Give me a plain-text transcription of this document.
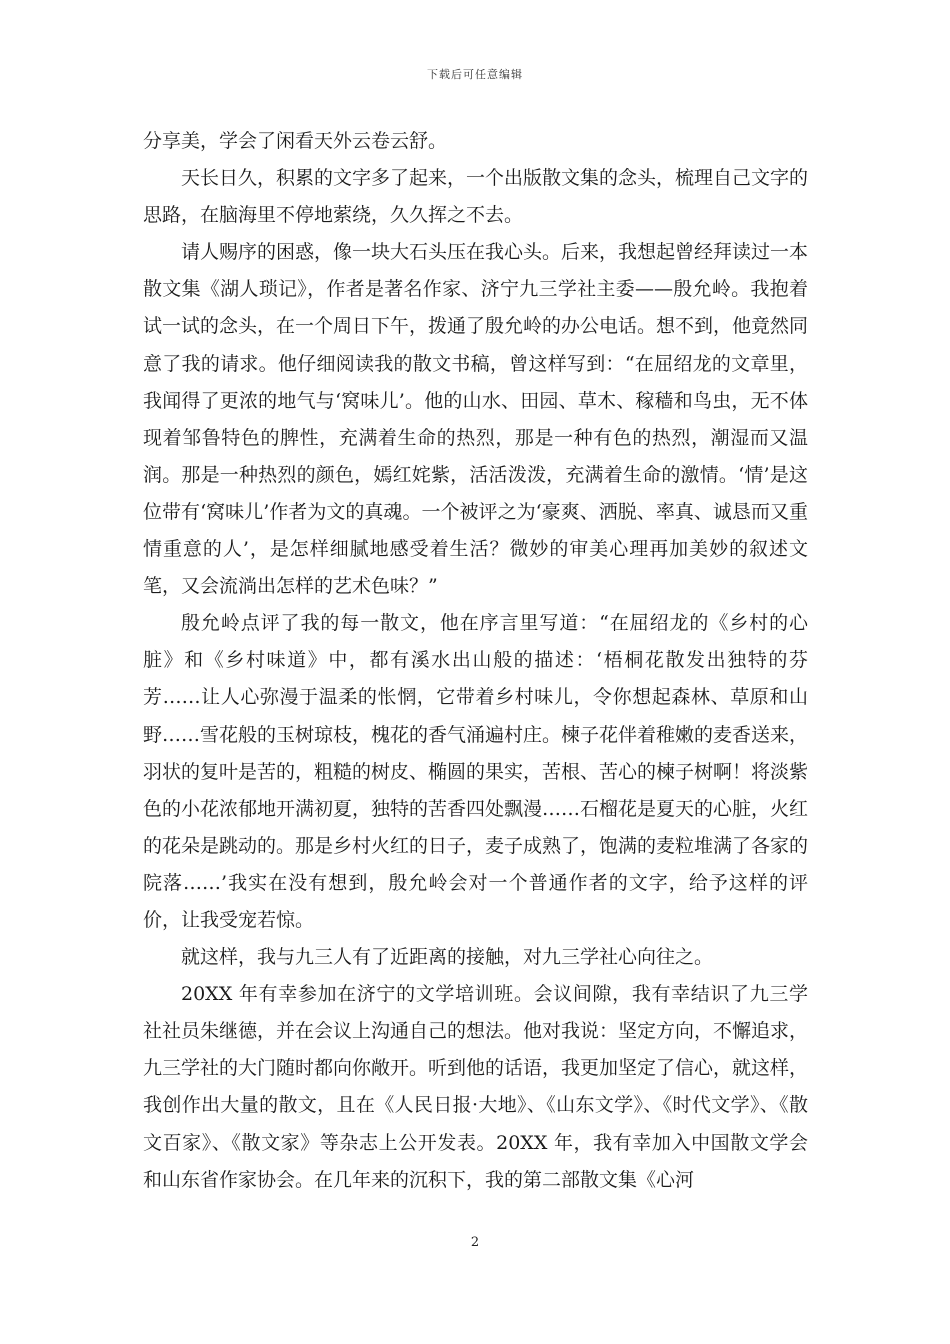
下载后可任意编辑

分享美，学会了闲看天外云卷云舒。

天长日久，积累的文字多了起来，一个出版散文集的念头，梳理自己文字的思路，在脑海里不停地萦绕，久久挥之不去。

请人赐序的困惑，像一块大石头压在我心头。后来，我想起曾经拜读过一本散文集《湖人琐记》，作者是著名作家、济宁九三学社主委——殷允岭。我抱着试一试的念头，在一个周日下午，拨通了殷允岭的办公电话。想不到，他竟然同意了我的请求。他仔细阅读我的散文书稿，曾这样写到：“在屈绍龙的文章里，我闻得了更浓的地气与‘窝味儿’。他的山水、田园、草木、稼穑和鸟虫，无不体现着邹鲁特色的脾性，充满着生命的热烈，那是一种有色的热烈，潮湿而又温润。那是一种热烈的颜色，嫣红姹紫，活活泼泼，充满着生命的激情。‘情’是这位带有‘窝味儿’作者为文的真魂。一个被评之为‘豪爽、洒脱、率真、诚恳而又重情重意的人’，是怎样细腻地感受着生活？微妙的审美心理再加美妙的叙述文笔，又会流淌出怎样的艺术色味？”

殷允岭点评了我的每一散文，他在序言里写道：“在屈绍龙的《乡村的心脏》和《乡村味道》中，都有溪水出山般的描述：‘梧桐花散发出独特的芬芳……让人心弥漫于温柔的怅惘，它带着乡村味儿，令你想起森林、草原和山野……雪花般的玉树琼枝，槐花的香气涌遍村庄。楝子花伴着稚嫩的麦香送来，羽状的复叶是苦的，粗糙的树皮、椭圆的果实，苦根、苦心的楝子树啊！将淡紫色的小花浓郁地开满初夏，独特的苦香四处飘漫……石榴花是夏天的心脏，火红的花朵是跳动的。那是乡村火红的日子，麦子成熟了，饱满的麦粒堆满了各家的院落……’我实在没有想到，殷允岭会对一个普通作者的文字，给予这样的评价，让我受宠若惊。

就这样，我与九三人有了近距离的接触，对九三学社心向往之。

20XX 年有幸参加在济宁的文学培训班。会议间隙，我有幸结识了九三学社社员朱继德，并在会议上沟通自己的想法。他对我说：坚定方向，不懈追求，九三学社的大门随时都向你敞开。听到他的话语，我更加坚定了信心，就这样，我创作出大量的散文，且在《人民日报·大地》、《山东文学》、《时代文学》、《散文百家》、《散文家》等杂志上公开发表。20XX 年，我有幸加入中国散文学会和山东省作家协会。在几年来的沉积下，我的第二部散文集《心河

2
